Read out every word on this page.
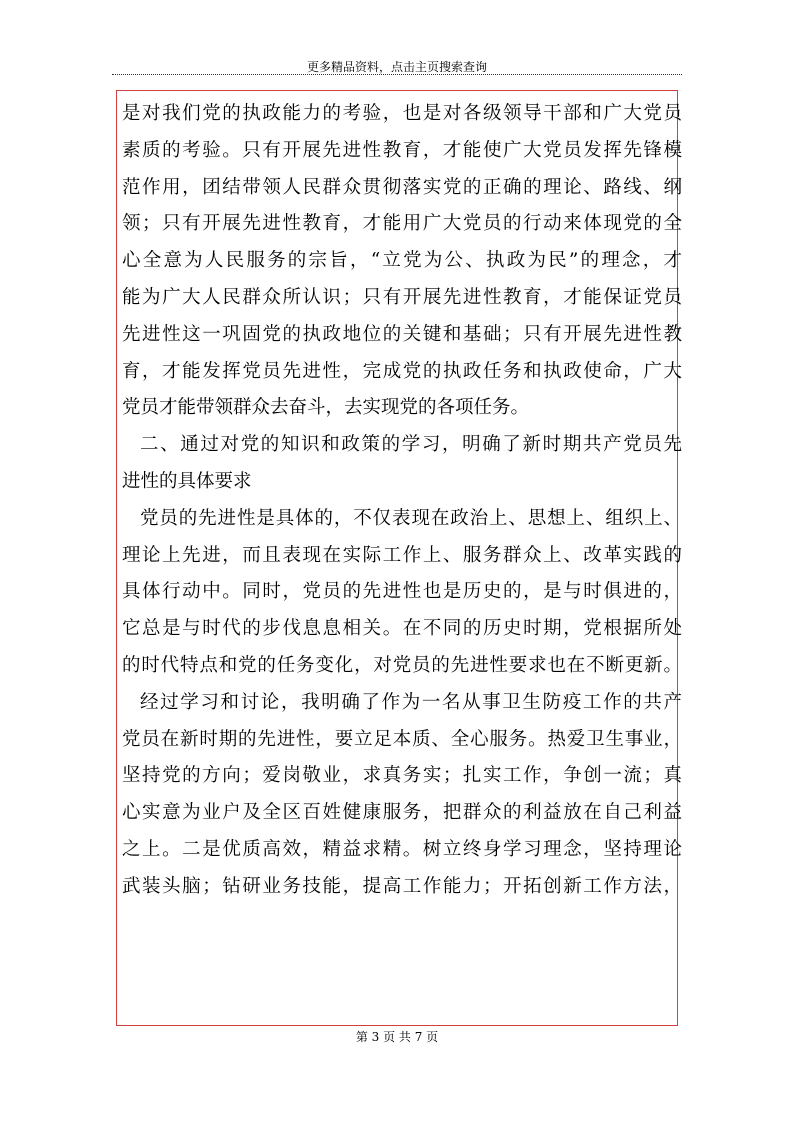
更多精品资料，点击主页搜索查询
是对我们党的执政能力的考验，也是对各级领导干部和广大党员
素质的考验。只有开展先进性教育，才能使广大党员发挥先锋模
范作用，团结带领人民群众贯彻落实党的正确的理论、路线、纲
领；只有开展先进性教育，才能用广大党员的行动来体现党的全
心全意为人民服务的宗旨，“立党为公、执政为民”的理念，才
能为广大人民群众所认识；只有开展先进性教育，才能保证党员
先进性这一巩固党的执政地位的关键和基础；只有开展先进性教
育，才能发挥党员先进性，完成党的执政任务和执政使命，广大
党员才能带领群众去奋斗，去实现党的各项任务。
二、通过对党的知识和政策的学习，明确了新时期共产党员先
进性的具体要求
党员的先进性是具体的，不仅表现在政治上、思想上、组织上、
理论上先进，而且表现在实际工作上、服务群众上、改革实践的
具体行动中。同时，党员的先进性也是历史的，是与时俱进的，
它总是与时代的步伐息息相关。在不同的历史时期，党根据所处
的时代特点和党的任务变化，对党员的先进性要求也在不断更新。
经过学习和讨论，我明确了作为一名从事卫生防疫工作的共产
党员在新时期的先进性，要立足本质、全心服务。热爱卫生事业，
坚持党的方向；爱岗敬业，求真务实；扎实工作，争创一流；真
心实意为业户及全区百姓健康服务，把群众的利益放在自己利益
之上。二是优质高效，精益求精。树立终身学习理念，坚持理论
武装头脑；钻研业务技能，提高工作能力；开拓创新工作方法，
第 3 页 共 7 页
